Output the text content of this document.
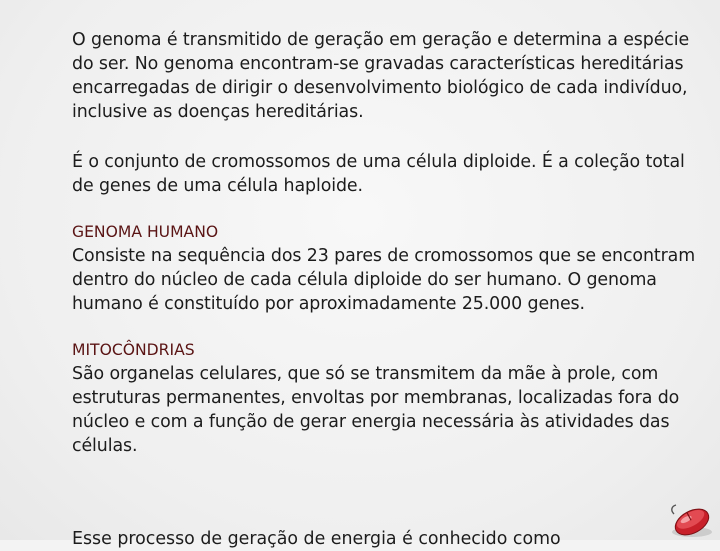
O genoma é transmitido de geração em geração e determina a espécie do ser. No genoma encontram-se gravadas características hereditárias encarregadas de dirigir o desenvolvimento biológico de cada indivíduo, inclusive as doenças hereditárias.

É o conjunto de cromossomos de uma célula diploide. É a coleção total de genes de uma célula haploide.

GENOMA HUMANO

Consiste na sequência dos 23 pares de cromossomos que se encontram dentro do núcleo de cada célula diploide do ser humano. O genoma humano é constituído por aproximadamente 25.000 genes.

MITOCÔNDRIAS

São organelas celulares, que só se transmitem da mãe à prole, com estruturas permanentes, envoltas por membranas, localizadas fora do núcleo e com a função de gerar energia necessária às atividades das células.

Esse processo de geração de energia é conhecido como
